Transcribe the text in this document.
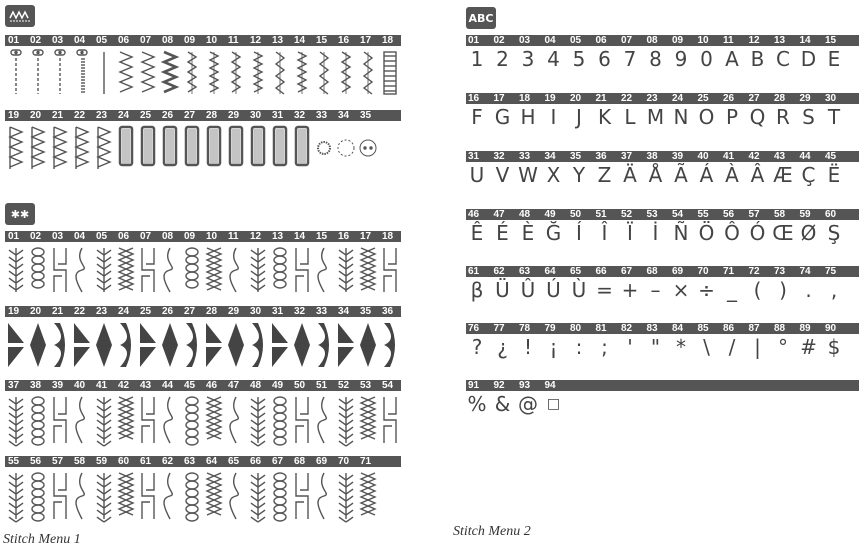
01 02 03 04 05 06 07 08 09 10 11 12 13 14 15 16 17 18
19 20 21 22 23 24 25 26 27 28 29 30 31 32 33 34 35
✱✱
01 02 03 04 05 06 07 08 09 10 11 12 13 14 15 16 17 18
19 20 21 22 23 24 25 26 27 28 29 30 31 32 33 34 35 36
37 38 39 40 41 42 43 44 45 46 47 48 49 50 51 52 53 54
55 56 57 58 59 60 61 62 63 64 65 66 67 68 69 70 71
Stitch Menu 1
ABC
01 02 03 04 05 06 07 08 09 10 11 12 13 14 15
1 2 3 4 5 6 7 8 9 0 A B C D E
16 17 18 19 20 21 22 23 24 25 26 27 28 29 30
F G H I J K L M N O P Q R S T
31 32 33 34 35 36 37 38 39 40 41 42 43 44 45
U V W X Y Z Ä Å Ã Á À Â Æ Ç Ë
46 47 48 49 50 51 52 53 54 55 56 57 58 59 60
Ê É È Ğ Í Î Ï İ Ñ Ö Ô Ó Œ Ø Ş
61 62 63 64 65 66 67 68 69 70 71 72 73 74 75
β Ü Û Ú Ù = + – × ÷ _ ( ) . ,
76 77 78 79 80 81 82 83 84 85 86 87 88 89 90
? ¿ ! ¡ : ; ' " * \ / | ° # $
91 92 93 94
% & @ □
Stitch Menu 2
